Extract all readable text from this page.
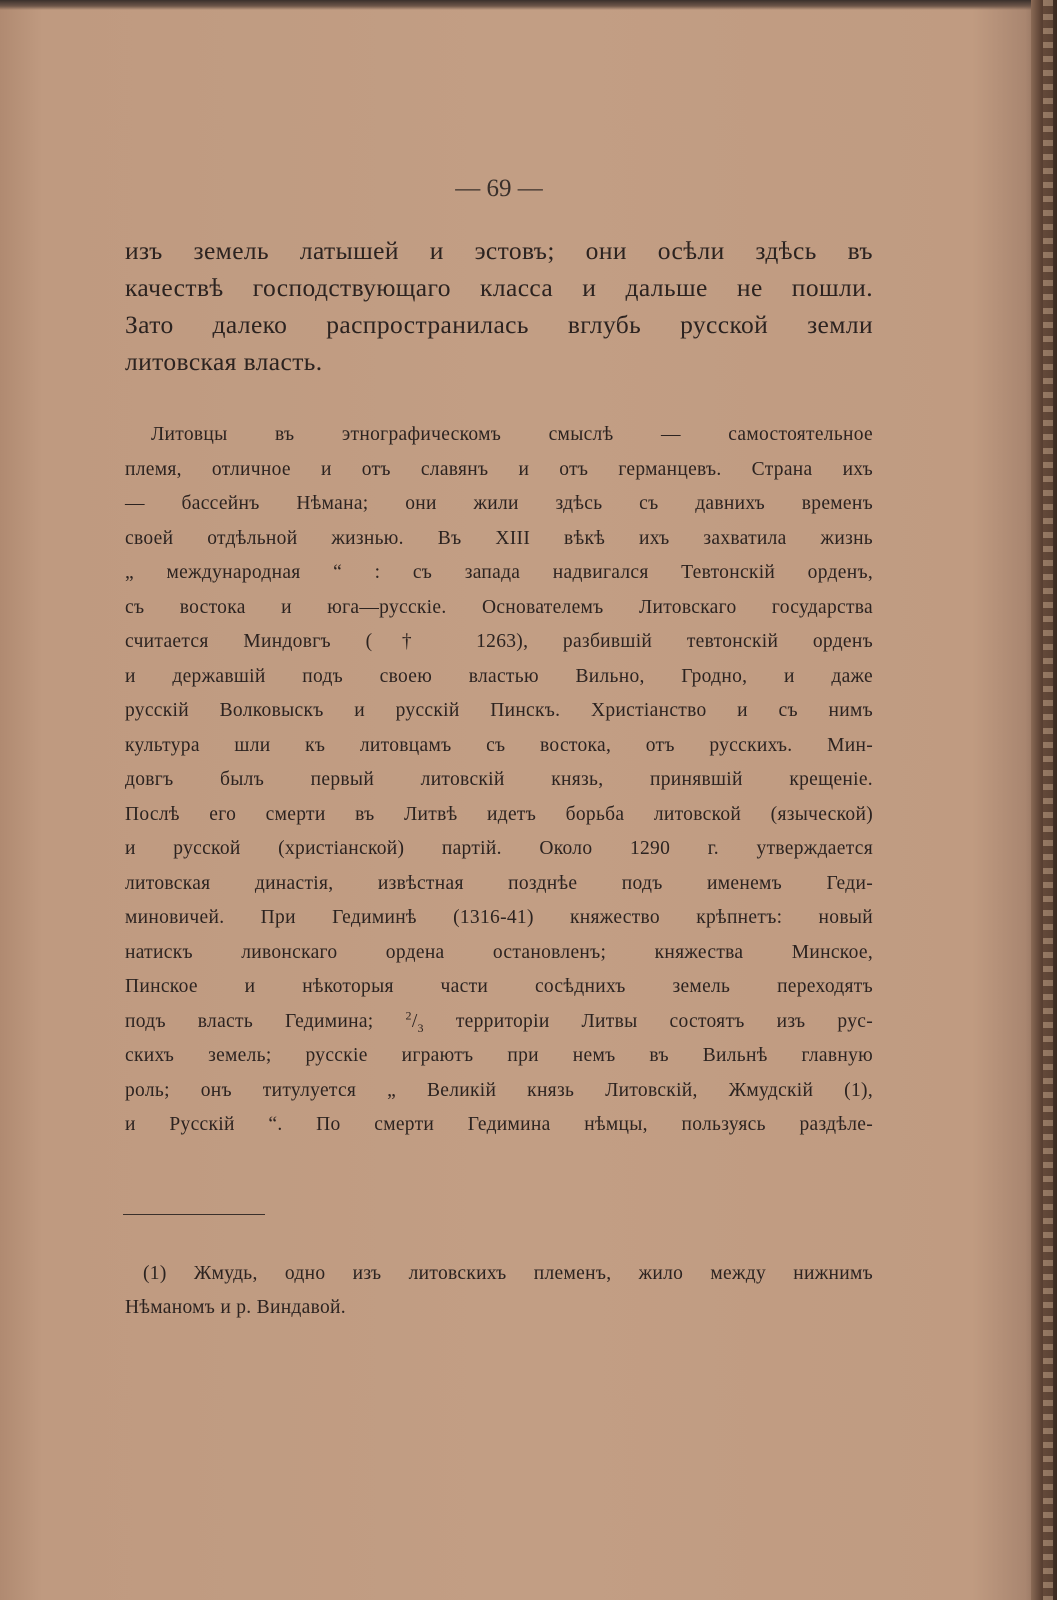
— 69 —
изъ земель латышей и эстовъ; они осѣли здѣсь въ
качествѣ господствующаго класса и дальше не пошли.
Зато далеко распространилась вглубь русской земли
литовская власть.
Литовцы въ этнографическомъ смыслѣ — самостоятельное
племя, отличное и отъ славянъ и отъ германцевъ. Страна ихъ
— бассейнъ Нѣмана; они жили здѣсь съ давнихъ временъ
своей отдѣльной жизнью. Въ XIII вѣкѣ ихъ захватила жизнь
„ международная “ : съ запада надвигался Тевтонскій орденъ,
съ востока и юга—русскіе. Основателемъ Литовскаго государства
считается Миндовгъ († 1263), разбившій тевтонскій орденъ
и державшій подъ своею властью Вильно, Гродно, и даже
русскій Волковыскъ и русскій Пинскъ. Христіанство и съ нимъ
культура шли къ литовцамъ съ востока, отъ русскихъ. Мин-
довгъ былъ первый литовскій князь, принявшій крещеніе.
Послѣ его смерти въ Литвѣ идетъ борьба литовской (языческой)
и русской (христіанской) партій. Около 1290 г. утверждается
литовская династія, извѣстная позднѣе подъ именемъ Геди-
миновичей. При Гедиминѣ (1316-41) княжество крѣпнетъ: новый
натискъ ливонскаго ордена остановленъ; княжества Минское,
Пинское и нѣкоторыя части сосѣднихъ земель переходятъ
подъ власть Гедимина;	$^2/_3$ территоріи Литвы состоятъ изъ рус-
скихъ земель; русскіе играютъ при немъ въ Вильнѣ главную
роль; онъ титулуется „ Великій князь Литовскій, Жмудскій (1),
и Русскій “. По смерти Гедимина нѣмцы, пользуясь раздѣле-
(1) Жмудь, одно изъ литовскихъ племенъ, жило между нижнимъ
Нѣманомъ и р. Виндавой.
